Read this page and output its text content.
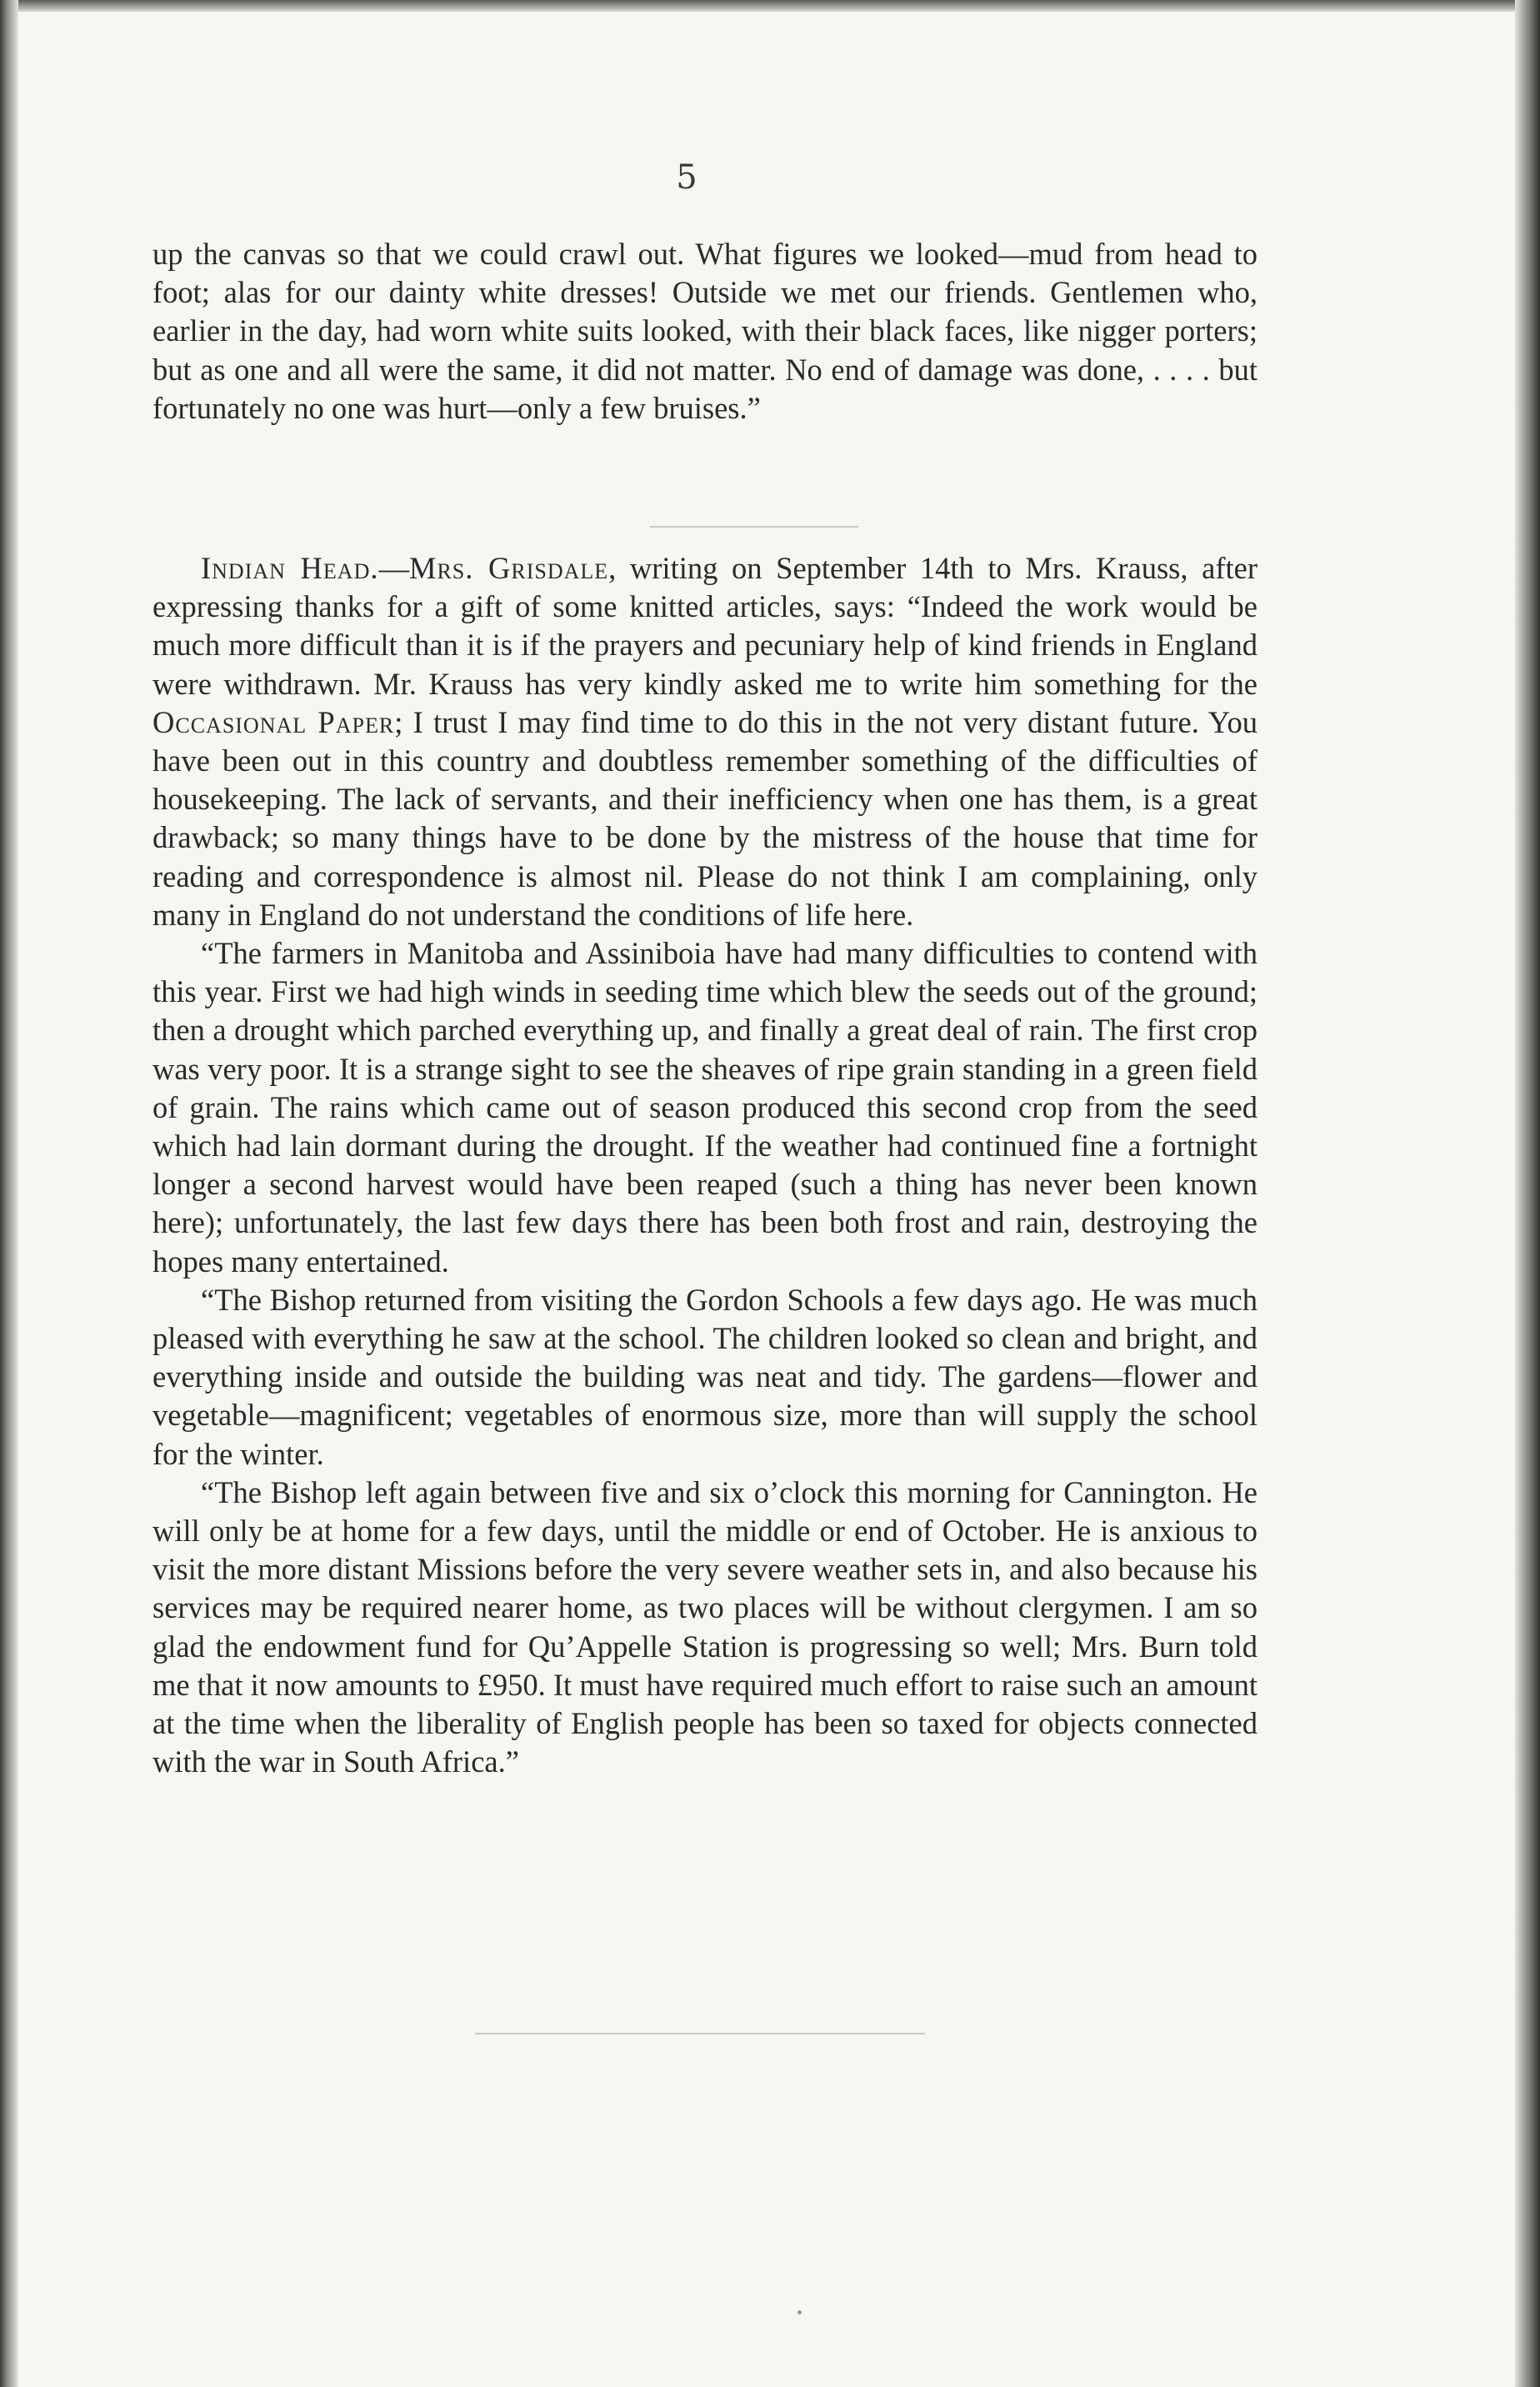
5

up the canvas so that we could crawl out. What figures we looked—mud from head to foot; alas for our dainty white dresses! Outside we met our friends. Gentlemen who, earlier in the day, had worn white suits looked, with their black faces, like nigger porters; but as one and all were the same, it did not matter. No end of damage was done, . . . . but fortunately no one was hurt—only a few bruises.”

Indian Head.—Mrs. Grisdale, writing on September 14th to Mrs. Krauss, after expressing thanks for a gift of some knitted articles, says: “Indeed the work would be much more difficult than it is if the prayers and pecuniary help of kind friends in England were withdrawn. Mr. Krauss has very kindly asked me to write him something for the Occasional Paper; I trust I may find time to do this in the not very distant future. You have been out in this country and doubtless remember something of the difficulties of housekeeping. The lack of servants, and their inefficiency when one has them, is a great drawback; so many things have to be done by the mistress of the house that time for reading and correspondence is almost nil. Please do not think I am complaining, only many in England do not understand the conditions of life here.

“The farmers in Manitoba and Assiniboia have had many difficulties to contend with this year. First we had high winds in seeding time which blew the seeds out of the ground; then a drought which parched everything up, and finally a great deal of rain. The first crop was very poor. It is a strange sight to see the sheaves of ripe grain standing in a green field of grain. The rains which came out of season produced this second crop from the seed which had lain dormant during the drought. If the weather had continued fine a fortnight longer a second harvest would have been reaped (such a thing has never been known here); unfortunately, the last few days there has been both frost and rain, destroying the hopes many entertained.

“The Bishop returned from visiting the Gordon Schools a few days ago. He was much pleased with everything he saw at the school. The children looked so clean and bright, and everything inside and outside the building was neat and tidy. The gardens—flower and vegetable—magnificent; vegetables of enormous size, more than will supply the school for the winter.

“The Bishop left again between five and six o’clock this morning for Cannington. He will only be at home for a few days, until the middle or end of October. He is anxious to visit the more distant Missions before the very severe weather sets in, and also because his services may be required nearer home, as two places will be without clergymen. I am so glad the endowment fund for Qu’Appelle Station is progressing so well; Mrs. Burn told me that it now amounts to £950. It must have required much effort to raise such an amount at the time when the liberality of English people has been so taxed for objects connected with the war in South Africa.”
